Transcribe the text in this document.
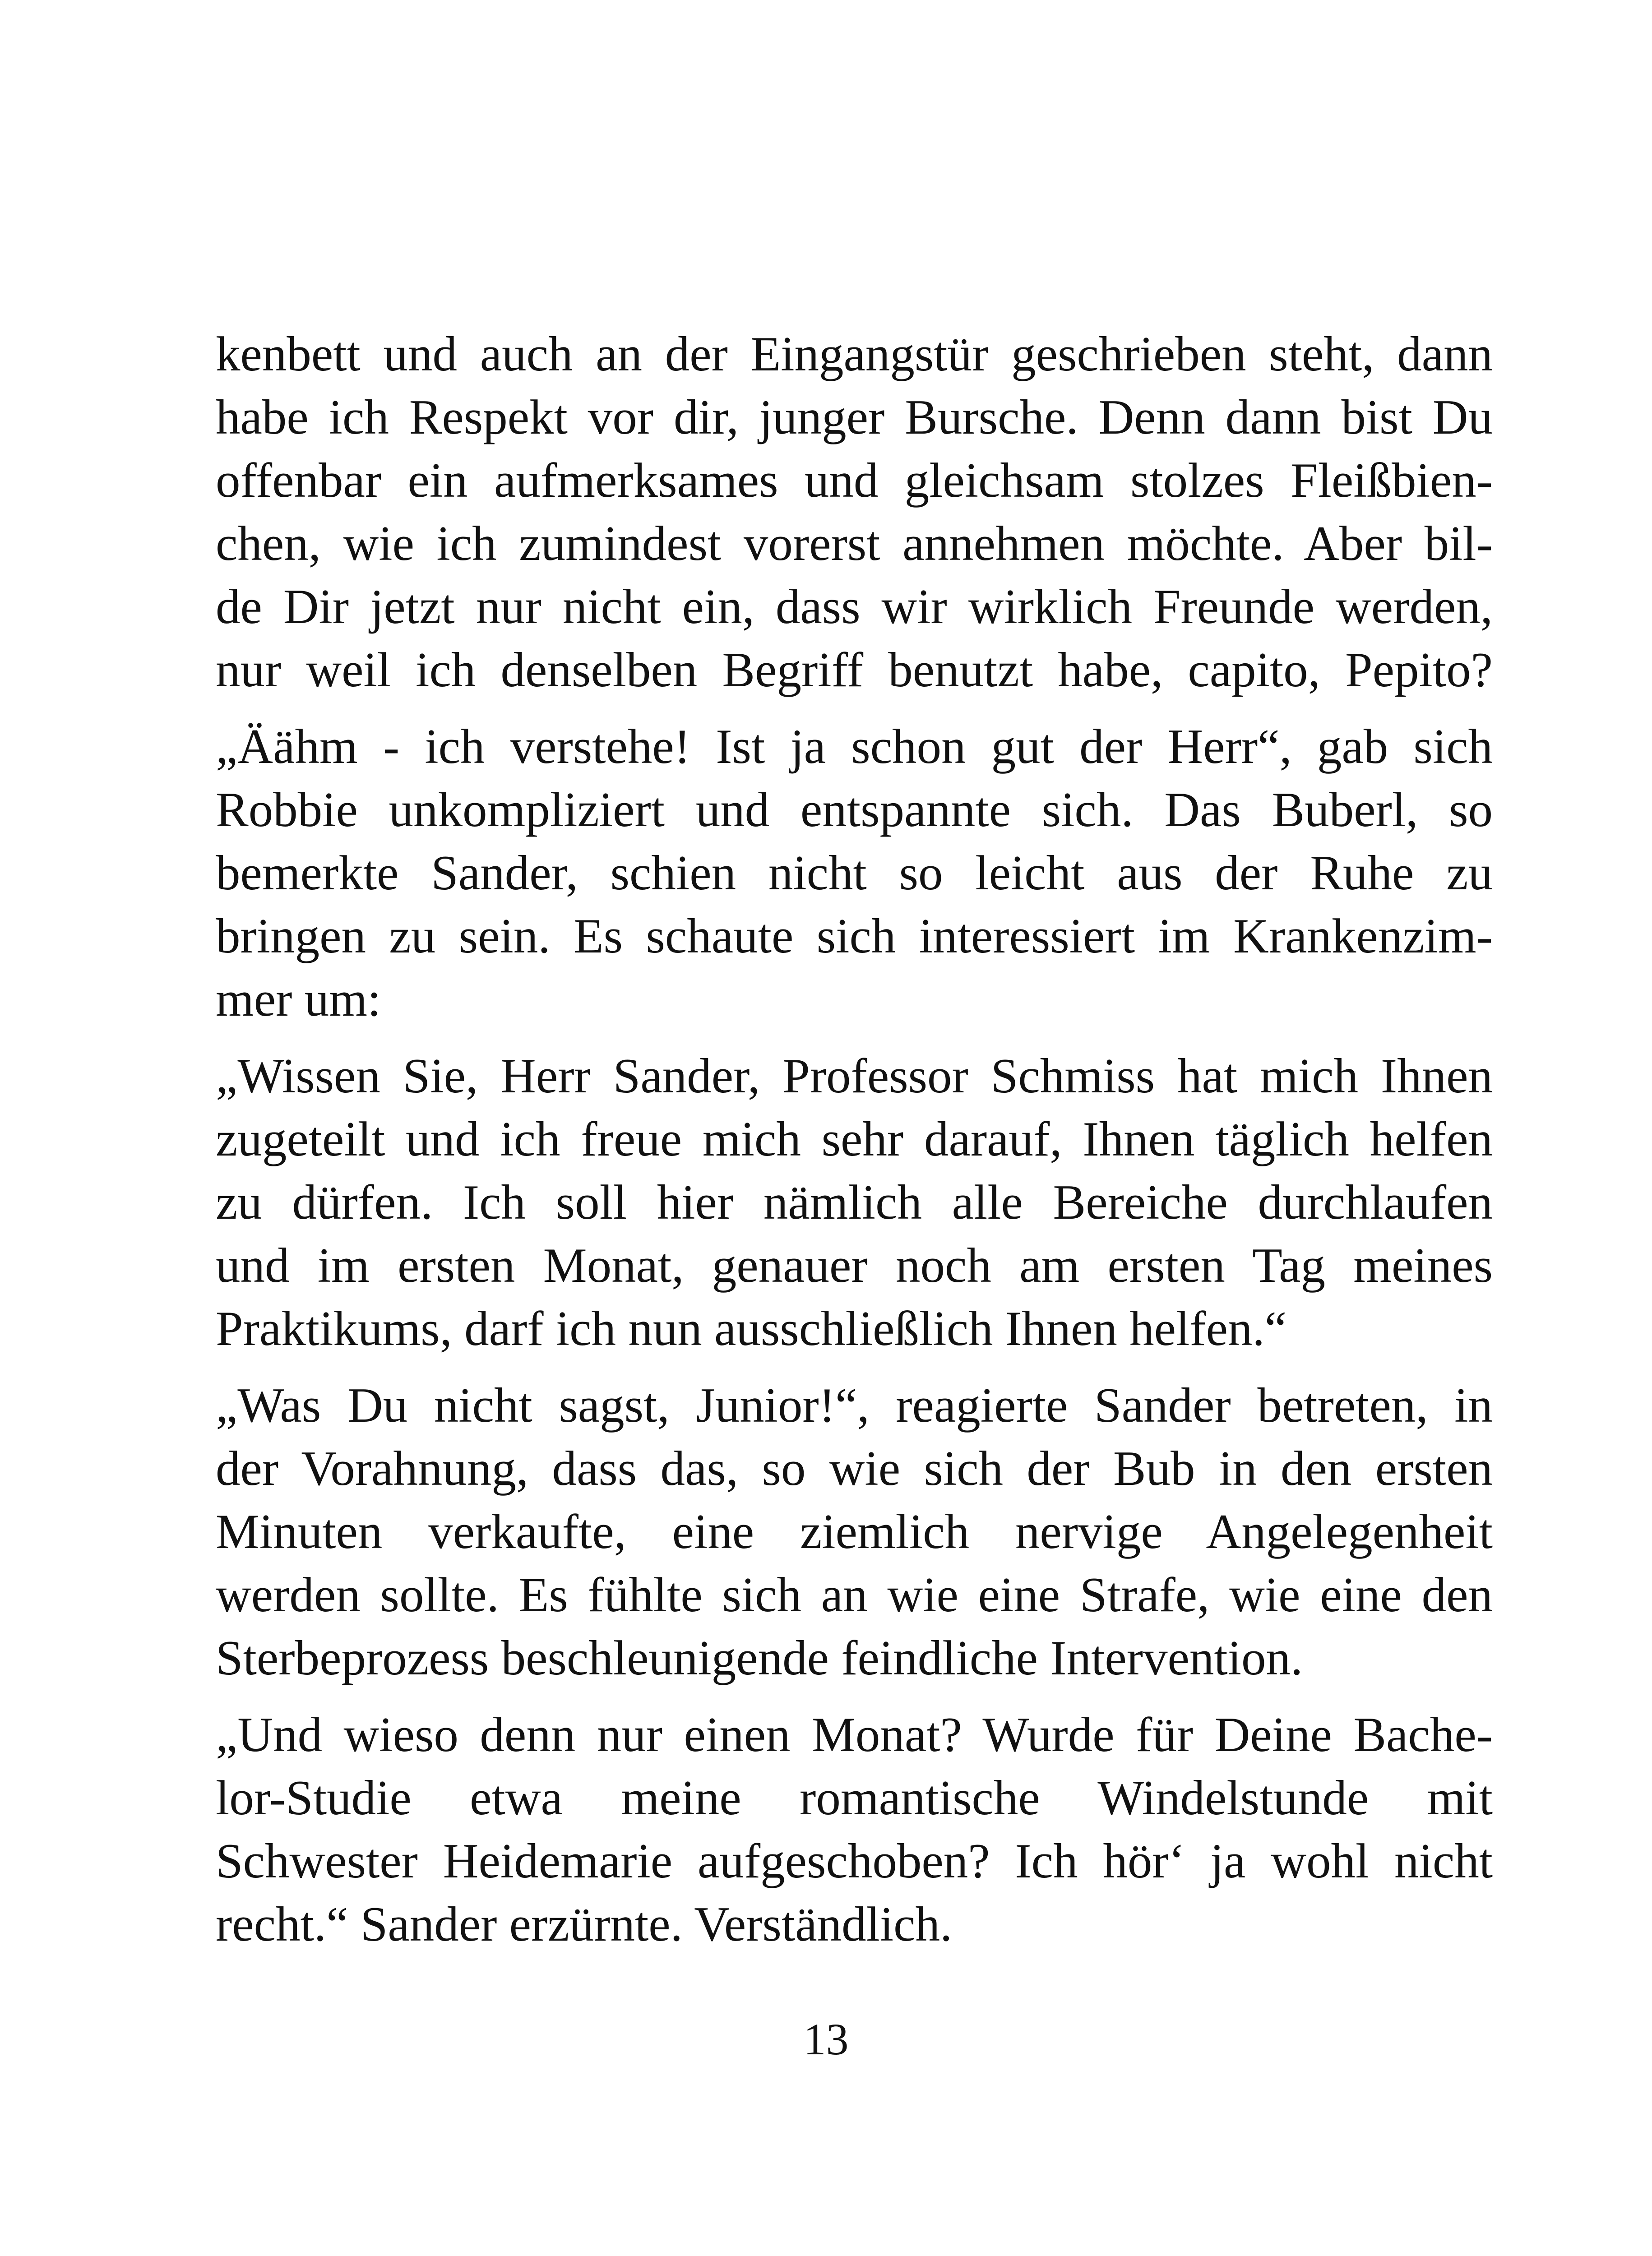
kenbett und auch an der Eingangstür geschrieben steht, dann
habe ich Respekt vor dir, junger Bursche. Denn dann bist Du
offenbar ein aufmerksames und gleichsam stolzes Fleißbien-
chen, wie ich zumindest vorerst annehmen möchte. Aber bil-
de Dir jetzt nur nicht ein, dass wir wirklich Freunde werden,
nur weil ich denselben Begriff benutzt habe, capito, Pepito?
„Äähm - ich verstehe! Ist ja schon gut der Herr“, gab sich
Robbie unkompliziert und entspannte sich. Das Buberl, so
bemerkte Sander, schien nicht so leicht aus der Ruhe zu
bringen zu sein. Es schaute sich interessiert im Krankenzim-
mer um:
„Wissen Sie, Herr Sander, Professor Schmiss hat mich Ihnen
zugeteilt und ich freue mich sehr darauf, Ihnen täglich helfen
zu dürfen. Ich soll hier nämlich alle Bereiche durchlaufen
und im ersten Monat, genauer noch am ersten Tag meines
Praktikums, darf ich nun ausschließlich Ihnen helfen.“
„Was Du nicht sagst, Junior!“, reagierte Sander betreten, in
der Vorahnung, dass das, so wie sich der Bub in den ersten
Minuten verkaufte, eine ziemlich nervige Angelegenheit
werden sollte. Es fühlte sich an wie eine Strafe, wie eine den
Sterbeprozess beschleunigende feindliche Intervention.
„Und wieso denn nur einen Monat? Wurde für Deine Bache-
lor-Studie etwa meine romantische Windelstunde mit
Schwester Heidemarie aufgeschoben? Ich hör‘ ja wohl nicht
recht.“ Sander erzürnte. Verständlich.
13
